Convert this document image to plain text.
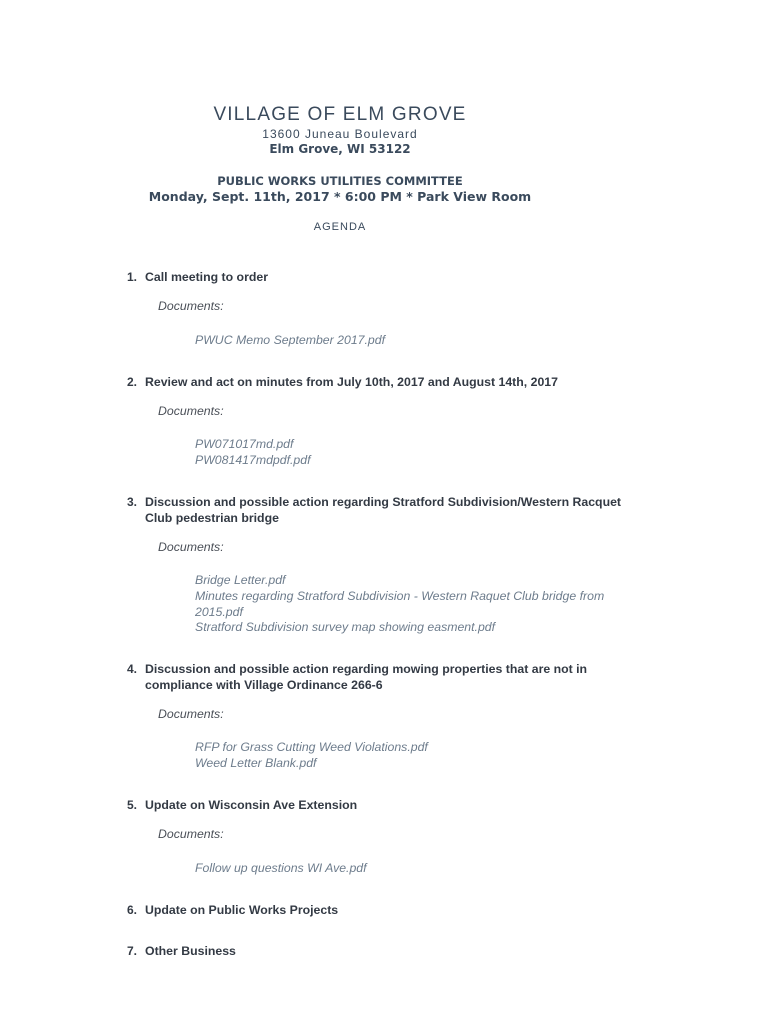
VILLAGE OF ELM GROVE
13600 Juneau Boulevard
Elm Grove, WI 53122
PUBLIC WORKS UTILITIES COMMITTEE
Monday, Sept. 11th, 2017 * 6:00 PM * Park View Room
AGENDA
1. Call meeting to order
Documents:
PWUC Memo September 2017.pdf
2. Review and act on minutes from July 10th, 2017 and August 14th, 2017
Documents:
PW071017md.pdf
PW081417mdpdf.pdf
3. Discussion and possible action regarding Stratford Subdivision/Western Racquet Club pedestrian bridge
Documents:
Bridge Letter.pdf
Minutes regarding Stratford Subdivision - Western Raquet Club bridge from 2015.pdf
Stratford Subdivision survey map showing easment.pdf
4. Discussion and possible action regarding mowing properties that are not in compliance with Village Ordinance 266-6
Documents:
RFP for Grass Cutting Weed Violations.pdf
Weed Letter Blank.pdf
5. Update on Wisconsin Ave Extension
Documents:
Follow up questions WI Ave.pdf
6. Update on Public Works Projects
7. Other Business
